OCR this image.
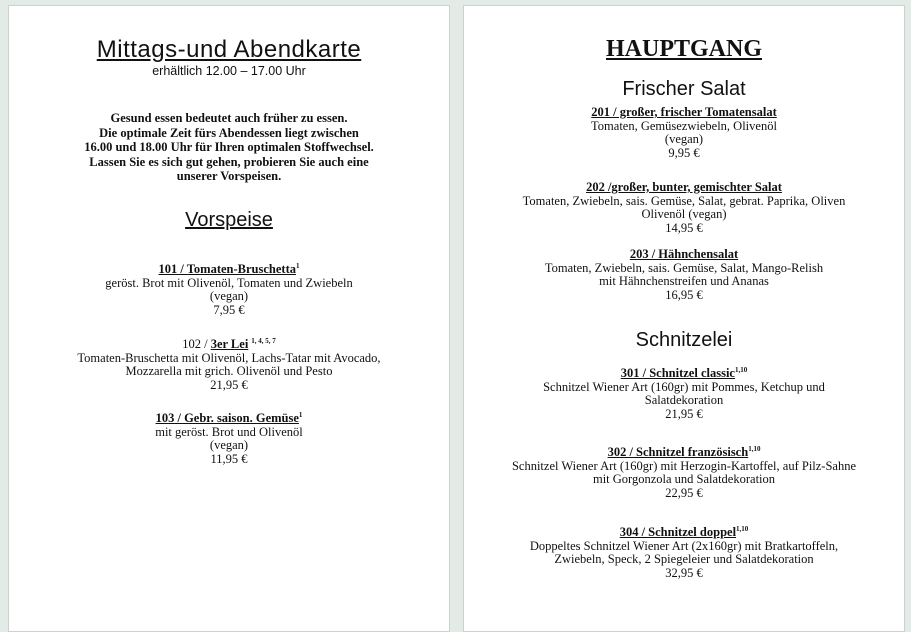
Mittags-und Abendkarte
erhältlich 12.00 – 17.00 Uhr
Gesund essen bedeutet auch früher zu essen.
Die optimale Zeit fürs Abendessen liegt zwischen
16.00 und 18.00 Uhr für Ihren optimalen Stoffwechsel.
Lassen Sie es sich gut gehen, probieren Sie auch eine
unserer Vorspeisen.
Vorspeise
101 / Tomaten-Bruschetta$^1$
geröst. Brot mit Olivenöl, Tomaten und Zwiebeln
(vegan)
7,95 €
102 / 3er Lei $^{1, 4, 5, 7}$
Tomaten-Bruschetta mit Olivenöl, Lachs-Tatar mit Avocado,
Mozzarella mit grich. Olivenöl und Pesto
21,95 €
103 / Gebr. saison. Gemüse$^1$
mit geröst. Brot und Olivenöl
(vegan)
11,95 €
HAUPTGANG
Frischer Salat
201 / großer, frischer Tomatensalat
Tomaten, Gemüsezwiebeln, Olivenöl
(vegan)
9,95 €
202 /großer, bunter, gemischter Salat
Tomaten, Zwiebeln, sais. Gemüse, Salat, gebrat. Paprika, Oliven
Olivenöl (vegan)
14,95 €
203 / Hähnchensalat
Tomaten, Zwiebeln, sais. Gemüse, Salat, Mango-Relish
mit Hähnchenstreifen und Ananas
16,95 €
Schnitzelei
301 / Schnitzel classic$^{1,10}$
Schnitzel Wiener Art (160gr) mit Pommes, Ketchup und
Salatdekoration
21,95 €
302 / Schnitzel französisch$^{1,10}$
Schnitzel Wiener Art (160gr) mit Herzogin-Kartoffel, auf Pilz-Sahne
mit Gorgonzola und Salatdekoration
22,95 €
304 / Schnitzel doppel$^{1,10}$
Doppeltes Schnitzel Wiener Art (2x160gr) mit Bratkartoffeln,
Zwiebeln, Speck, 2 Spiegeleier und Salatdekoration
32,95 €
